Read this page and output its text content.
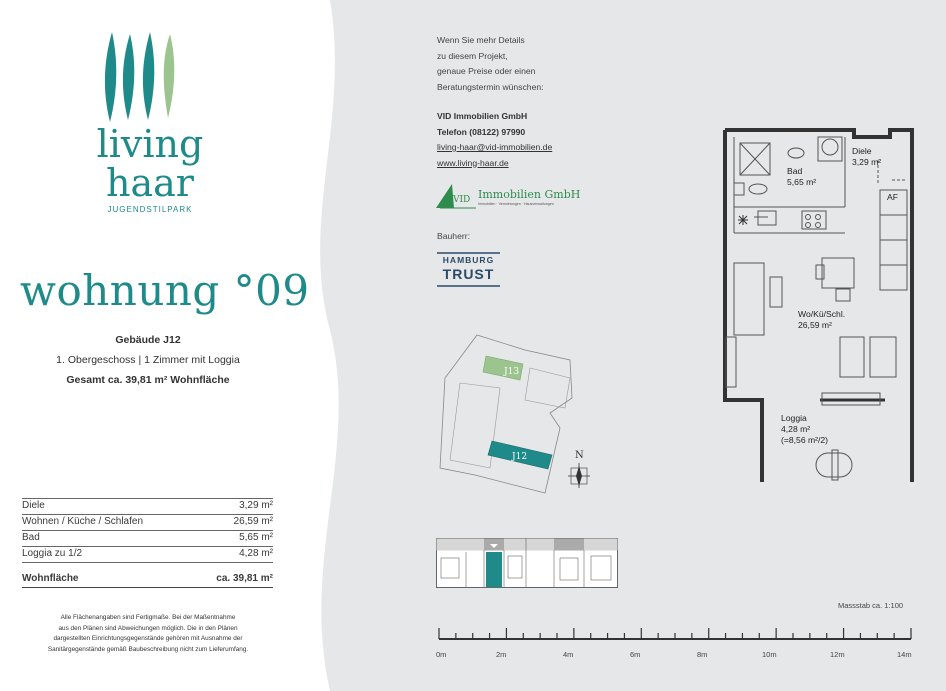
living
haar
JUGENDSTILPARK
wohnung °09
Gebäude J12
1. Obergeschoss | 1 Zimmer mit Loggia
Gesamt ca. 39,81 m² Wohnfläche
Diele	3,29 m²
Wohnen / Küche / Schlafen	26,59 m²
Bad	5,65 m²
Loggia zu 1/2	4,28 m²
Wohnfläche	ca. 39,81 m²
Alle Flächenangaben sind Fertigmaße. Bei der Maßentnahme
aus den Plänen sind Abweichungen möglich. Die in den Plänen
dargestellten Einrichtungsgegenstände gehören mit Ausnahme der
Sanitärgegenstände gemäß Baubeschreibung nicht zum Lieferumfang.
Wenn Sie mehr Details
zu diesem Projekt,
genaue Preise oder einen
Beratungstermin wünschen:
VID Immobilien GmbH
Telefon (08122) 97990
living-haar@vid-immobilien.de
www.living-haar.de
VID Immobilien GmbH
Immobilien · Vermietungen · Hausverwaltungen
Bauherr:
HAMBURG
TRUST
J13
J12	N
Diele
3,29 m²
Bad
5,65 m²
AF
Wo/Kü/Schl.
26,59 m²
Loggia
4,28 m²
(=8,56 m²/2)
Massstab ca. 1:100
0m	2m	4m	6m	8m	10m	12m	14m
